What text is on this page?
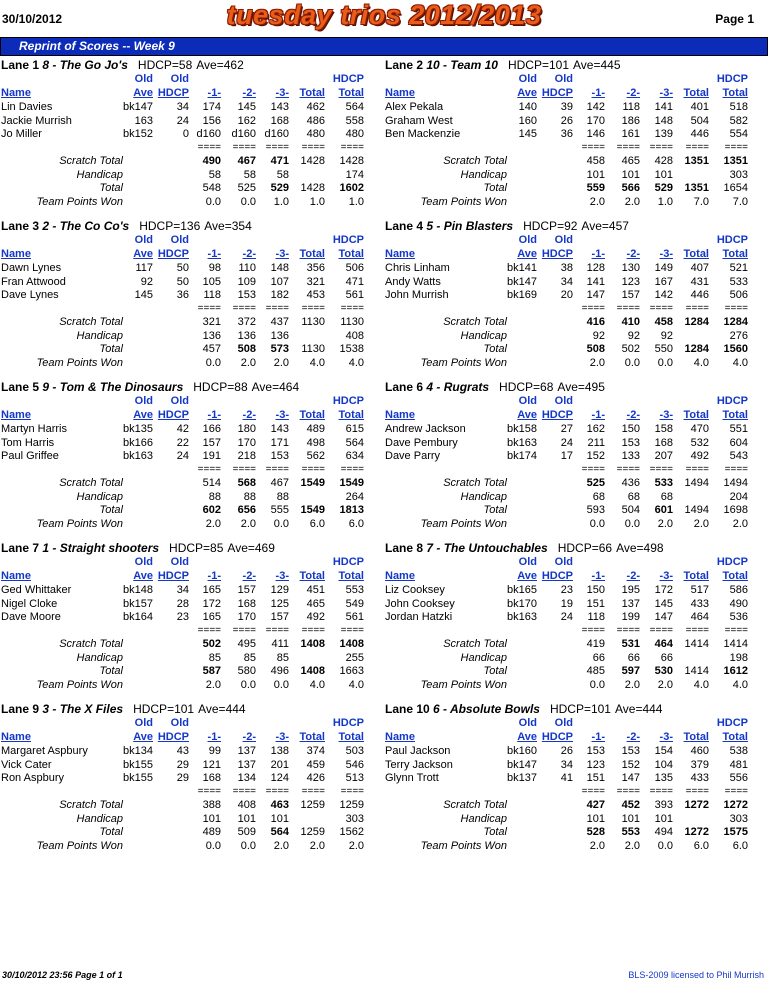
30/10/2012	tuesday trios 2012/2013	Page 1
Reprint of Scores -- Week 9
Lane 1 8 - The Go Jo's HDCP=58 Ave=462
Old Old	HDCP
Name	Ave HDCP -1- -2- -3- Total Total
Lin Davies	bk147 34 174 145 143 462 564
Jackie Murrish	163 24 156 162 168 486 558
Jo Miller	bk152	0 d160 d160 d160 480 480
==== ==== ==== ==== ====
Scratch Total	490 467 471 1428 1428
Handicap	58 58 58	174
Total	548 525 529 1428 1602
Team Points Won	0.0 0.0 1.0 1.0 1.0
Lane 2 10 - Team 10 HDCP=101 Ave=445
Old Old	HDCP
Name	Ave HDCP -1- -2- -3- Total Total
Alex Pekala	140 39 142 118 141 401 518
Graham West	160 26 170 186 148 504 582
Ben Mackenzie	145 36 146 161 139 446 554
==== ==== ==== ==== ====
Scratch Total	458 465 428 1351 1351
Handicap	101 101 101	303
Total	559 566 529 1351 1654
Team Points Won	2.0 2.0 1.0 7.0 7.0
Lane 3 2 - The Co Co's HDCP=136 Ave=354
Old Old	HDCP
Name	Ave HDCP -1- -2- -3- Total Total
Dawn Lynes	117 50 98 110 148 356 506
Fran Attwood	92 50 105 109 107 321 471
Dave Lynes	145 36 118 153 182 453 561
==== ==== ==== ==== ====
Scratch Total	321 372 437 1130 1130
Handicap	136 136 136	408
Total	457 508 573 1130 1538
Team Points Won	0.0 2.0 2.0 4.0 4.0
Lane 4 5 - Pin Blasters HDCP=92 Ave=457
Old Old	HDCP
Name	Ave HDCP -1- -2- -3- Total Total
Chris Linham	bk141 38 128 130 149 407 521
Andy Watts	bk147 34 141 123 167 431 533
John Murrish	bk169 20 147 157 142 446 506
==== ==== ==== ==== ====
Scratch Total	416 410 458 1284 1284
Handicap	92 92 92	276
Total	508 502 550 1284 1560
Team Points Won	2.0 0.0 0.0 4.0 4.0
Lane 5 9 - Tom & The Dinosaurs HDCP=88 Ave=464
Old Old	HDCP
Name	Ave HDCP -1- -2- -3- Total Total
Martyn Harris	bk135 42 166 180 143 489 615
Tom Harris	bk166 22 157 170 171 498 564
Paul Griffee	bk163 24 191 218 153 562 634
==== ==== ==== ==== ====
Scratch Total	514 568 467 1549 1549
Handicap	88 88 88	264
Total	602 656 555 1549 1813
Team Points Won	2.0 2.0 0.0 6.0 6.0
Lane 6 4 - Rugrats HDCP=68 Ave=495
Old Old	HDCP
Name	Ave HDCP -1- -2- -3- Total Total
Andrew Jackson	bk158 27 162 150 158 470 551
Dave Pembury	bk163 24 211 153 168 532 604
Dave Parry	bk174 17 152 133 207 492 543
==== ==== ==== ==== ====
Scratch Total	525 436 533 1494 1494
Handicap	68 68 68	204
Total	593 504 601 1494 1698
Team Points Won	0.0 0.0 2.0 2.0 2.0
Lane 7 1 - Straight shooters HDCP=85 Ave=469
Old Old	HDCP
Name	Ave HDCP -1- -2- -3- Total Total
Ged Whittaker	bk148 34 165 157 129 451 553
Nigel Cloke	bk157 28 172 168 125 465 549
Dave Moore	bk164 23 165 170 157 492 561
==== ==== ==== ==== ====
Scratch Total	502 495 411 1408 1408
Handicap	85 85 85	255
Total	587 580 496 1408 1663
Team Points Won	2.0 0.0 0.0 4.0 4.0
Lane 8 7 - The Untouchables HDCP=66 Ave=498
Old Old	HDCP
Name	Ave HDCP -1- -2- -3- Total Total
Liz Cooksey	bk165 23 150 195 172 517 586
John Cooksey	bk170 19 151 137 145 433 490
Jordan Hatzki	bk163 24 118 199 147 464 536
==== ==== ==== ==== ====
Scratch Total	419 531 464 1414 1414
Handicap	66 66 66	198
Total	485 597 530 1414 1612
Team Points Won	0.0 2.0 2.0 4.0 4.0
Lane 9 3 - The X Files HDCP=101 Ave=444
Old Old	HDCP
Name	Ave HDCP -1- -2- -3- Total Total
Margaret Aspbury	bk134 43 99 137 138 374 503
Vick Cater	bk155 29 121 137 201 459 546
Ron Aspbury	bk155 29 168 134 124 426 513
==== ==== ==== ==== ====
Scratch Total	388 408 463 1259 1259
Handicap	101 101 101	303
Total	489 509 564 1259 1562
Team Points Won	0.0 0.0 2.0 2.0 2.0
Lane 10 6 - Absolute Bowls HDCP=101 Ave=444
Old Old	HDCP
Name	Ave HDCP -1- -2- -3- Total Total
Paul Jackson	bk160 26 153 153 154 460 538
Terry Jackson	bk147 34 123 152 104 379 481
Glynn Trott	bk137 41 151 147 135 433 556
==== ==== ==== ==== ====
Scratch Total	427 452 393 1272 1272
Handicap	101 101 101	303
Total	528 553 494 1272 1575
Team Points Won	2.0 2.0 0.0 6.0 6.0
30/10/2012 23:56 Page 1 of 1	BLS-2009 licensed to Phil Murrish
